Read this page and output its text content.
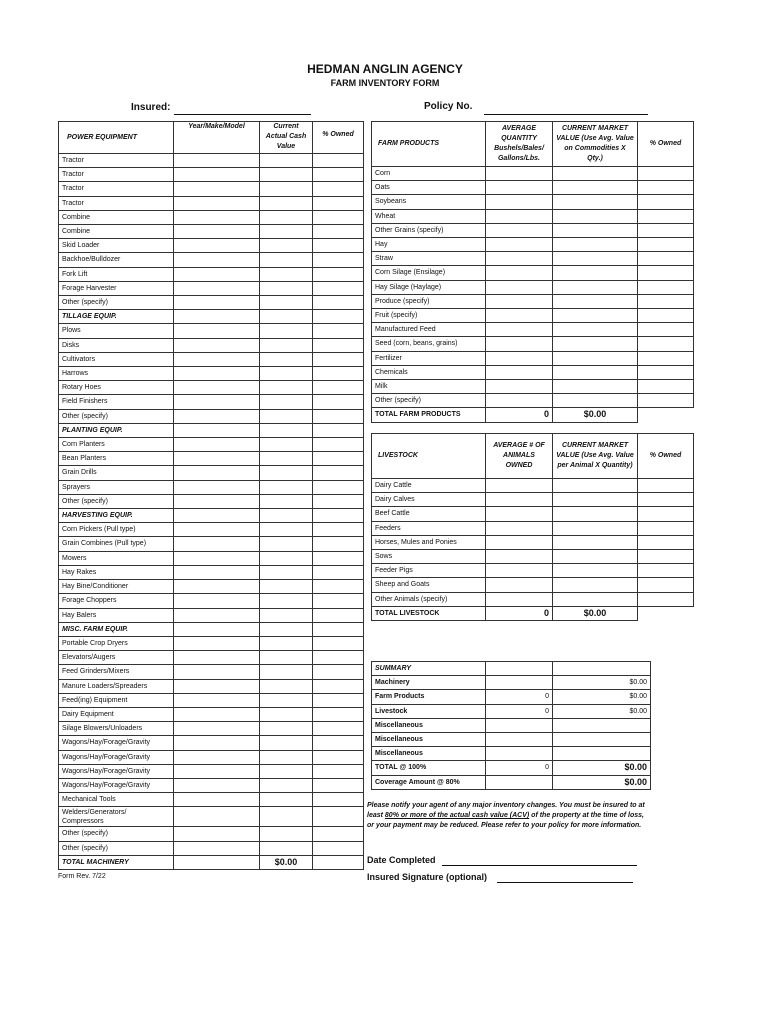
HEDMAN ANGLIN AGENCY
FARM INVENTORY FORM
Insured:	Policy No.
POWER EQUIPMENT	Year/Make/Model	Current Actual Cash Value	% Owned
Tractor			
Tractor			
Tractor			
Tractor			
Combine			
Combine			
Skid Loader			
Backhoe/Bulldozer			
Fork Lift			
Forage Harvester			
Other (specify)			
TILLAGE EQUIP.			
Plows			
Disks			
Cultivators			
Harrows			
Rotary Hoes			
Field Finishers			
Other (specify)			
PLANTING EQUIP.			
Corn Planters			
Bean Planters			
Grain Drills			
Sprayers			
Other (specify)			
HARVESTING EQUIP.			
Corn Pickers (Pull type)			
Grain Combines (Pull type)			
Mowers			
Hay Rakes			
Hay Bine/Conditioner			
Forage Choppers			
Hay Balers			
MISC. FARM EQUIP.			
Portable Crop Dryers			
Elevators/Augers			
Feed Grinders/Mixers			
Manure Loaders/Spreaders			
Feed(ing) Equipment			
Dairy Equipment			
Silage Blowers/Unloaders			
Wagons/Hay/Forage/Gravity			
Wagons/Hay/Forage/Gravity			
Wagons/Hay/Forage/Gravity			
Wagons/Hay/Forage/Gravity			
Mechanical Tools			
Welders/Generators/ Compressors			
Other (specify)			
Other (specify)			
TOTAL MACHINERY		$0.00	
FARM PRODUCTS	AVERAGE QUANTITY Bushels/Bales/ Gallons/Lbs.	CURRENT MARKET VALUE (Use Avg. Value on Commodities X Qty.)	% Owned
Corn			
Oats			
Soybeans			
Wheat			
Other Grains (specify)			
Hay			
Straw			
Corn Silage (Ensilage)			
Hay Silage (Haylage)			
Produce (specify)			
Fruit (specify)			
Manufactured Feed			
Seed (corn, beans, grains)			
Fertilizer			
Chemicals			
Milk			
Other (specify)			
TOTAL FARM PRODUCTS	0	$0.00	
LIVESTOCK	AVERAGE # OF ANIMALS OWNED	CURRENT MARKET VALUE (Use Avg. Value per Animal X Quantity)	% Owned
Dairy Cattle			
Dairy Calves			
Beef Cattle			
Feeders			
Horses, Mules and Ponies			
Sows			
Feeder Pigs			
Sheep and Goats			
Other Animals (specify)			
TOTAL LIVESTOCK	0	$0.00	
SUMMARY		
Machinery		$0.00
Farm Products	0	$0.00
Livestock	0	$0.00
Miscellaneous		
Miscellaneous		
Miscellaneous		
TOTAL @ 100%	0	$0.00
Coverage Amount @ 80%		$0.00
Please notify your agent of any major inventory changes. You must be insured to at least 80% or more of the actual cash value (ACV) of the property at the time of loss, or your payment may be reduced. Please refer to your policy for more information.
Date Completed
Insured Signature (optional)
Form Rev. 7/22
